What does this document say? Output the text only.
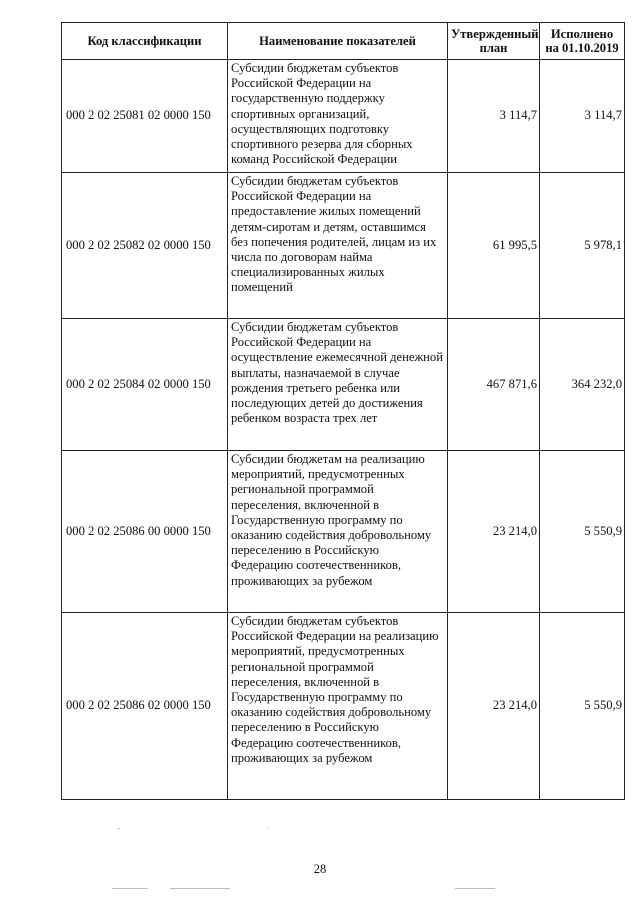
Код классификации	Наименование показателей	Утвержденный план	Исполнено на 01.10.2019
000 2 02 25081 02 0000 150	Субсидии бюджетам субъектов Российской Федерации на государственную поддержку спортивных организаций, осуществляющих подготовку спортивного резерва для сборных команд Российской Федерации	3 114,7	3 114,7
000 2 02 25082 02 0000 150	Субсидии бюджетам субъектов Российской Федерации на предоставление жилых помещений детям-сиротам и детям, оставшимся без попечения родителей, лицам из их числа по договорам найма специализированных жилых помещений	61 995,5	5 978,1
000 2 02 25084 02 0000 150	Субсидии бюджетам субъектов Российской Федерации на осуществление ежемесячной денежной выплаты, назначаемой в случае рождения третьего ребенка или последующих детей до достижения ребенком возраста трех лет	467 871,6	364 232,0
000 2 02 25086 00 0000 150	Субсидии бюджетам на реализацию мероприятий, предусмотренных региональной программой переселения, включенной в Государственную программу по оказанию содействия добровольному переселению в Российскую Федерацию соотечественников, проживающих за рубежом	23 214,0	5 550,9
000 2 02 25086 02 0000 150	Субсидии бюджетам субъектов Российской Федерации на реализацию мероприятий, предусмотренных региональной программой переселения, включенной в Государственную программу по оказанию содействия добровольному переселению в Российскую Федерацию соотечественников, проживающих за рубежом	23 214,0	5 550,9
28
